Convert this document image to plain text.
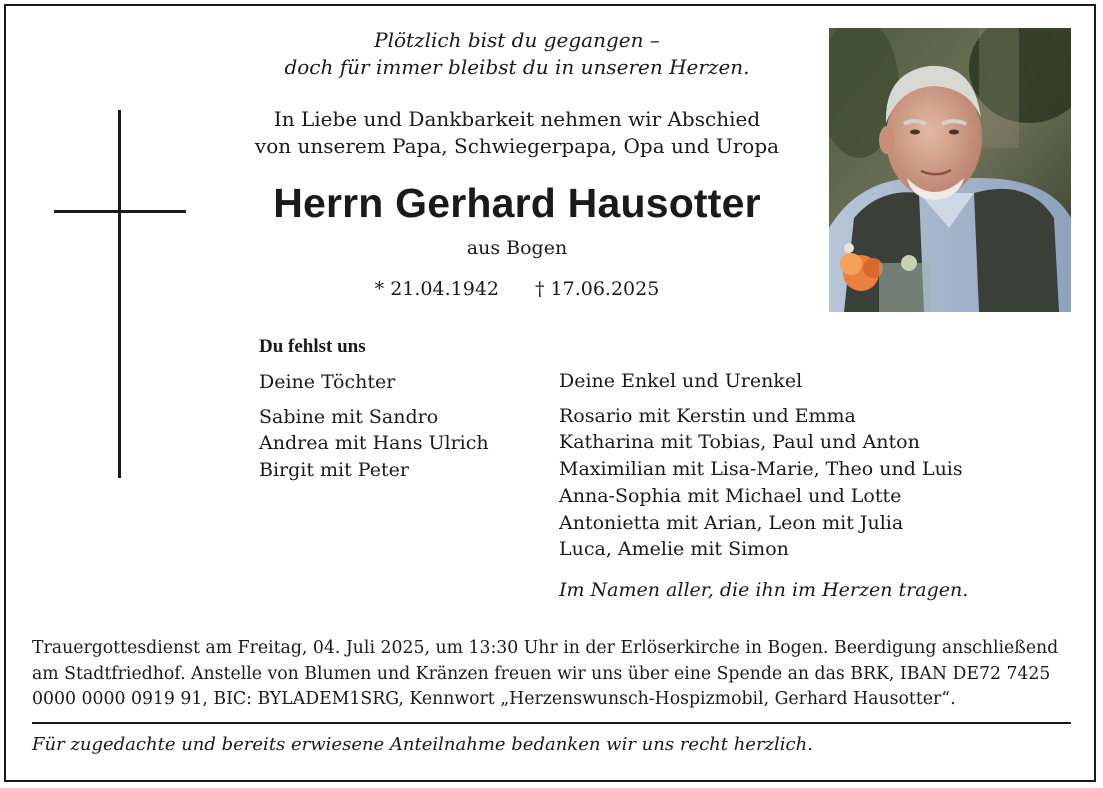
Plötzlich bist du gegangen –
doch für immer bleibst du in unseren Herzen.
In Liebe und Dankbarkeit nehmen wir Abschied
von unserem Papa, Schwiegerpapa, Opa und Uropa
Herrn Gerhard Hausotter
aus Bogen
* 21.04.1942 † 17.06.2025
Du fehlst uns
Deine Töchter
Sabine mit Sandro
Andrea mit Hans Ulrich
Birgit mit Peter
Deine Enkel und Urenkel
Rosario mit Kerstin und Emma
Katharina mit Tobias, Paul und Anton
Maximilian mit Lisa-Marie, Theo und Luis
Anna-Sophia mit Michael und Lotte
Antonietta mit Arian, Leon mit Julia
Luca, Amelie mit Simon
Im Namen aller, die ihn im Herzen tragen.
Trauergottesdienst am Freitag, 04. Juli 2025, um 13:30 Uhr in der Erlöserkirche in Bogen. Beerdigung anschließend
am Stadtfriedhof. Anstelle von Blumen und Kränzen freuen wir uns über eine Spende an das BRK, IBAN DE72 7425
0000 0000 0919 91, BIC: BYLADEM1SRG, Kennwort „Herzenswunsch-Hospizmobil, Gerhard Hausotter“.
Für zugedachte und bereits erwiesene Anteilnahme bedanken wir uns recht herzlich.
